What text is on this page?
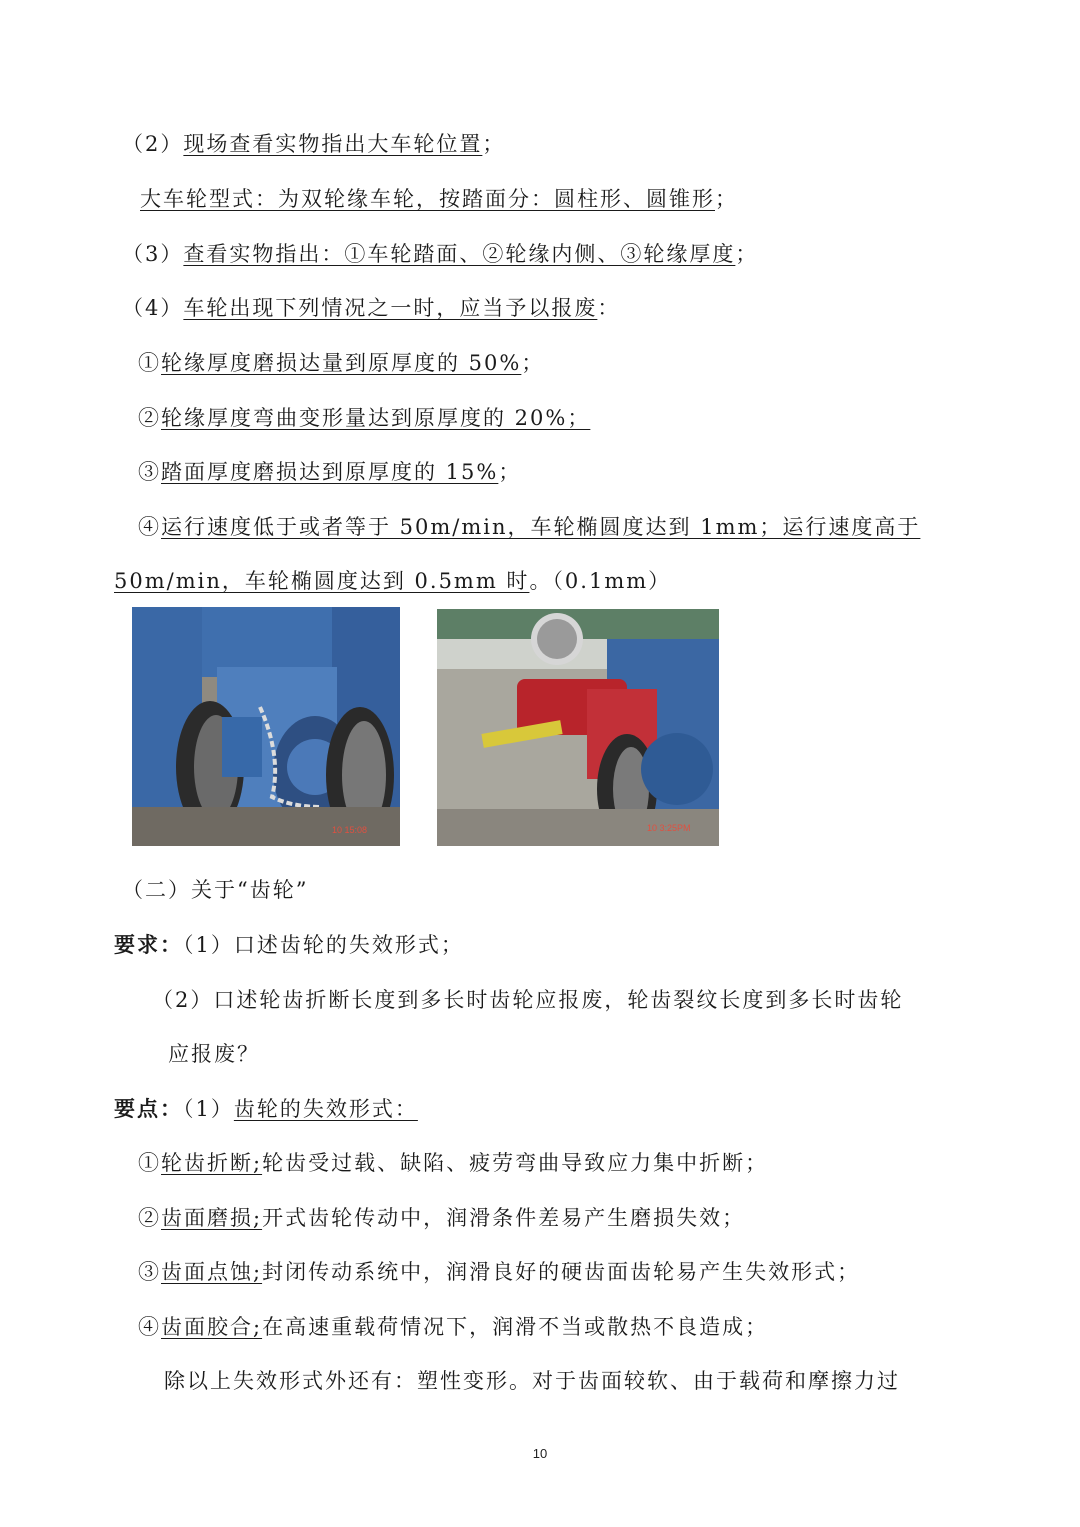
（2）现场查看实物指出大车轮位置；
大车轮型式：为双轮缘车轮，按踏面分：圆柱形、圆锥形；
（3）查看实物指出：①车轮踏面、②轮缘内侧、③轮缘厚度；
（4）车轮出现下列情况之一时，应当予以报废：
①轮缘厚度磨损达量到原厚度的 50%；
②轮缘厚度弯曲变形量达到原厚度的 20%；
③踏面厚度磨损达到原厚度的 15%；
④运行速度低于或者等于 50m/min，车轮椭圆度达到 1mm；运行速度高于
50m/min，车轮椭圆度达到 0.5mm 时。（0.1mm）
10 15:08	10 3:25PM
（二）关于“齿轮”
要求：（1）口述齿轮的失效形式；
（2）口述轮齿折断长度到多长时齿轮应报废，轮齿裂纹长度到多长时齿轮
应报废？
要点：（1）齿轮的失效形式：
①轮齿折断;轮齿受过载、缺陷、疲劳弯曲导致应力集中折断；
②齿面磨损;开式齿轮传动中，润滑条件差易产生磨损失效；
③齿面点蚀;封闭传动系统中，润滑良好的硬齿面齿轮易产生失效形式；
④齿面胶合;在高速重载荷情况下，润滑不当或散热不良造成；
除以上失效形式外还有：塑性变形。对于齿面较软、由于载荷和摩擦力过
10
